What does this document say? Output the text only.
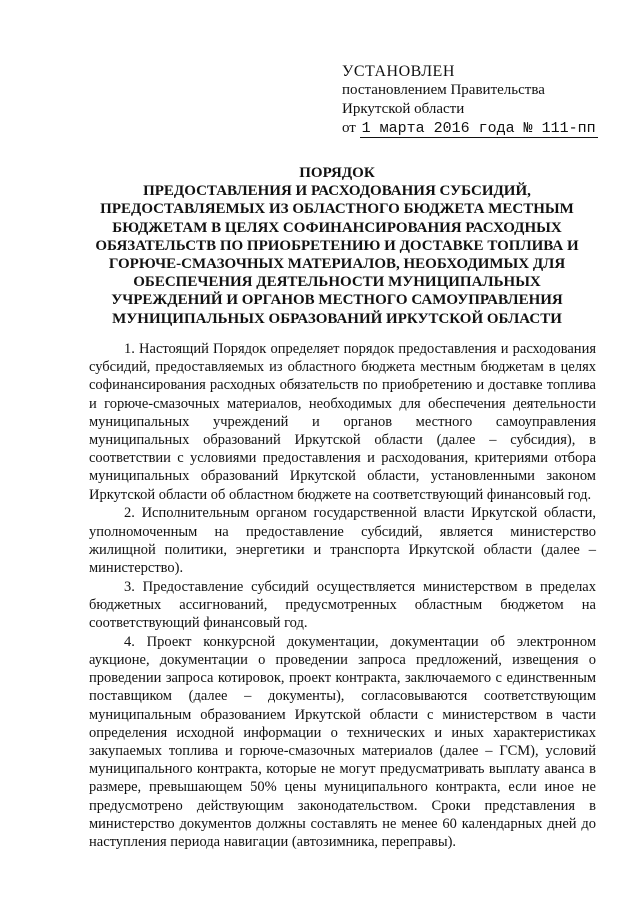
УСТАНОВЛЕН
постановлением Правительства
Иркутской области
от 1 марта 2016 года № 111-пп
ПОРЯДОК
ПРЕДОСТАВЛЕНИЯ И РАСХОДОВАНИЯ СУБСИДИЙ,
ПРЕДОСТАВЛЯЕМЫХ ИЗ ОБЛАСТНОГО БЮДЖЕТА МЕСТНЫМ
БЮДЖЕТАМ В ЦЕЛЯХ СОФИНАНСИРОВАНИЯ РАСХОДНЫХ
ОБЯЗАТЕЛЬСТВ ПО ПРИОБРЕТЕНИЮ И ДОСТАВКЕ ТОПЛИВА И
ГОРЮЧЕ-СМАЗОЧНЫХ МАТЕРИАЛОВ, НЕОБХОДИМЫХ ДЛЯ
ОБЕСПЕЧЕНИЯ ДЕЯТЕЛЬНОСТИ МУНИЦИПАЛЬНЫХ
УЧРЕЖДЕНИЙ И ОРГАНОВ МЕСТНОГО САМОУПРАВЛЕНИЯ
МУНИЦИПАЛЬНЫХ ОБРАЗОВАНИЙ ИРКУТСКОЙ ОБЛАСТИ

1. Настоящий Порядок определяет порядок предоставления и расходования субсидий, предоставляемых из областного бюджета местным бюджетам в целях софинансирования расходных обязательств по приобретению и доставке топлива и горюче-смазочных материалов, необходимых для обеспечения деятельности муниципальных учреждений и органов местного самоуправления муниципальных образований Иркутской области (далее – субсидия), в соответствии с условиями предоставления и расходования, критериями отбора муниципальных образований Иркутской области, установленными законом Иркутской области об областном бюджете на соответствующий финансовый год.

2. Исполнительным органом государственной власти Иркутской области, уполномоченным на предоставление субсидий, является министерство жилищной политики, энергетики и транспорта Иркутской области (далее – министерство).

3. Предоставление субсидий осуществляется министерством в пределах бюджетных ассигнований, предусмотренных областным бюджетом на соответствующий финансовый год.

4. Проект конкурсной документации, документации об электронном аукционе, документации о проведении запроса предложений, извещения о проведении запроса котировок, проект контракта, заключаемого с единственным поставщиком (далее – документы), согласовываются соответствующим муниципальным образованием Иркутской области с министерством в части определения исходной информации о технических и иных характеристиках закупаемых топлива и горюче-смазочных материалов (далее – ГСМ), условий муниципального контракта, которые не могут предусматривать выплату аванса в размере, превышающем 50% цены муниципального контракта, если иное не предусмотрено действующим законодательством. Сроки представления в министерство документов должны составлять не менее 60 календарных дней до наступления периода навигации (автозимника, переправы).
